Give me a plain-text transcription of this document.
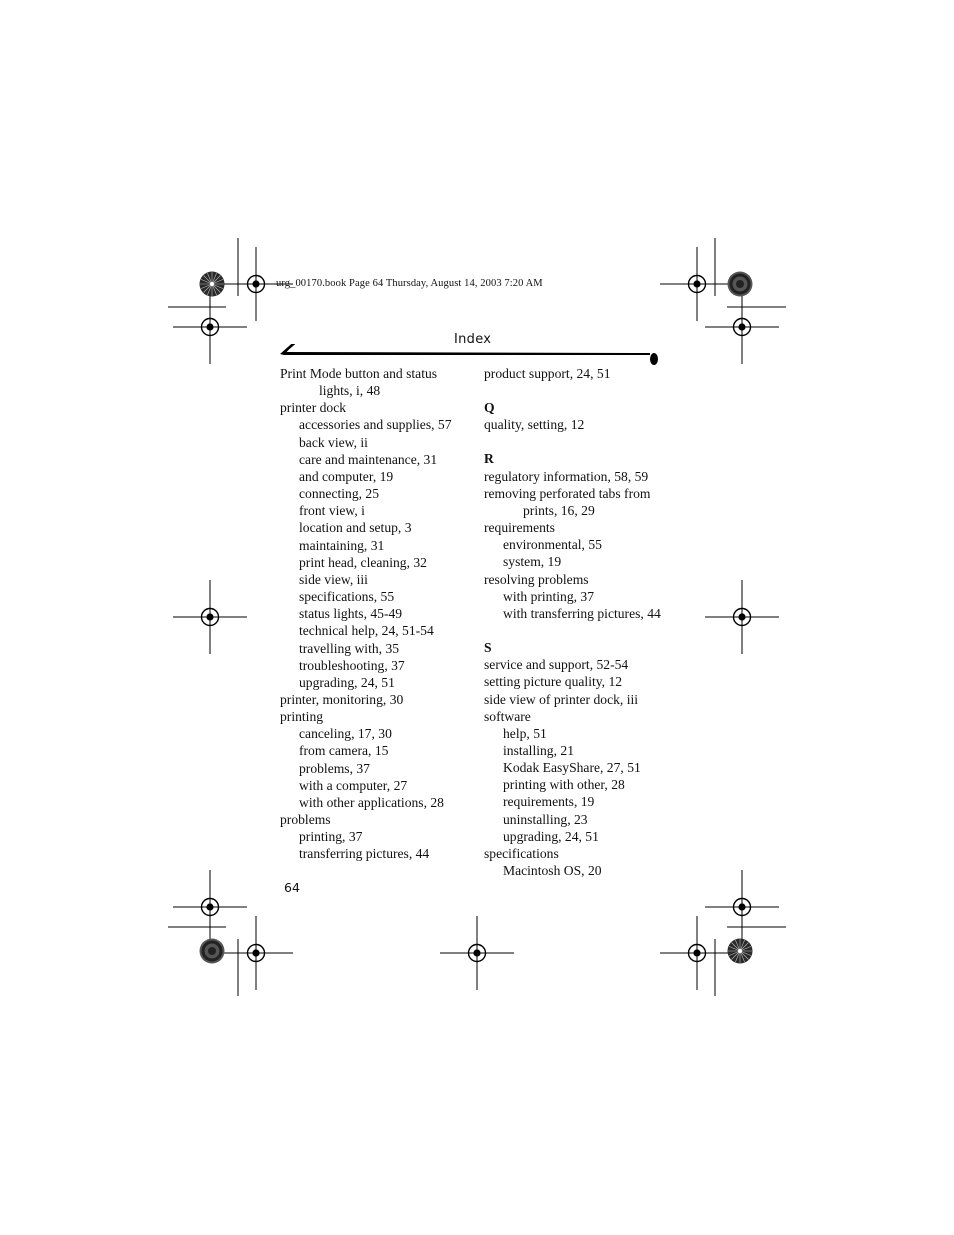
urg_00170.book Page 64 Thursday, August 14, 2003 7:20 AM
Index
Print Mode button and status
lights, i, 48
printer dock
accessories and supplies, 57
back view, ii
care and maintenance, 31
and computer, 19
connecting, 25
front view, i
location and setup, 3
maintaining, 31
print head, cleaning, 32
side view, iii
specifications, 55
status lights, 45-49
technical help, 24, 51-54
travelling with, 35
troubleshooting, 37
upgrading, 24, 51
printer, monitoring, 30
printing
canceling, 17, 30
from camera, 15
problems, 37
with a computer, 27
with other applications, 28
problems
printing, 37
transferring pictures, 44
product support, 24, 51
Q
quality, setting, 12
R
regulatory information, 58, 59
removing perforated tabs from
prints, 16, 29
requirements
environmental, 55
system, 19
resolving problems
with printing, 37
with transferring pictures, 44
S
service and support, 52-54
setting picture quality, 12
side view of printer dock, iii
software
help, 51
installing, 21
Kodak EasyShare, 27, 51
printing with other, 28
requirements, 19
uninstalling, 23
upgrading, 24, 51
specifications
Macintosh OS, 20
64
